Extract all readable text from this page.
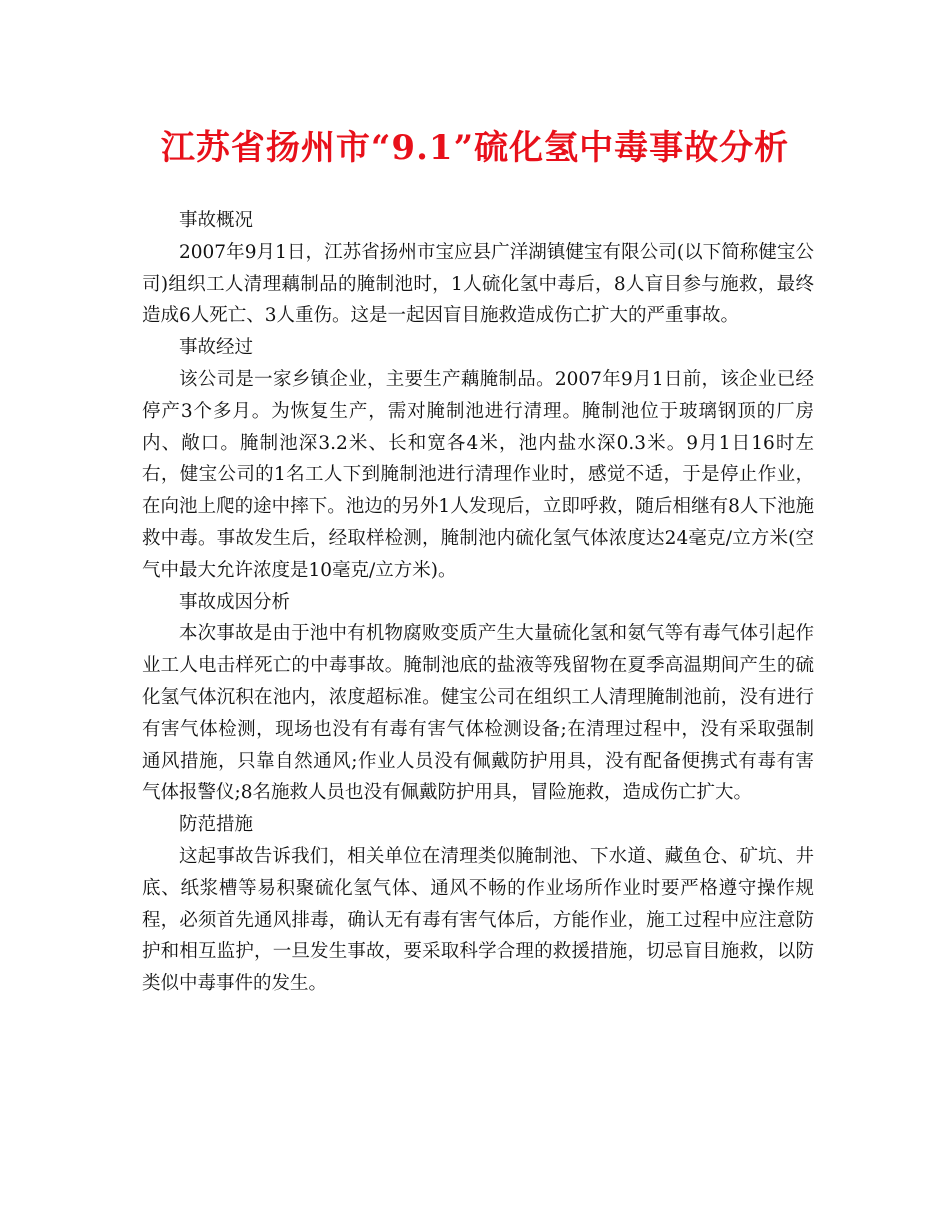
江苏省扬州市“9.1”硫化氢中毒事故分析

事故概况

2007年9月1日，江苏省扬州市宝应县广洋湖镇健宝有限公司(以下简称健宝公司)组织工人清理藕制品的腌制池时，1人硫化氢中毒后，8人盲目参与施救，最终造成6人死亡、3人重伤。这是一起因盲目施救造成伤亡扩大的严重事故。

事故经过

该公司是一家乡镇企业，主要生产藕腌制品。2007年9月1日前，该企业已经停产3个多月。为恢复生产，需对腌制池进行清理。腌制池位于玻璃钢顶的厂房内、敞口。腌制池深3.2米、长和宽各4米，池内盐水深0.3米。9月1日16时左右，健宝公司的1名工人下到腌制池进行清理作业时，感觉不适，于是停止作业，在向池上爬的途中摔下。池边的另外1人发现后，立即呼救，随后相继有8人下池施救中毒。事故发生后，经取样检测，腌制池内硫化氢气体浓度达24毫克/立方米(空气中最大允许浓度是10毫克/立方米)。

事故成因分析

本次事故是由于池中有机物腐败变质产生大量硫化氢和氨气等有毒气体引起作业工人电击样死亡的中毒事故。腌制池底的盐液等残留物在夏季高温期间产生的硫化氢气体沉积在池内，浓度超标准。健宝公司在组织工人清理腌制池前，没有进行有害气体检测，现场也没有有毒有害气体检测设备;在清理过程中，没有采取强制通风措施，只靠自然通风;作业人员没有佩戴防护用具，没有配备便携式有毒有害气体报警仪;8名施救人员也没有佩戴防护用具，冒险施救，造成伤亡扩大。

防范措施

这起事故告诉我们，相关单位在清理类似腌制池、下水道、藏鱼仓、矿坑、井底、纸浆槽等易积聚硫化氢气体、通风不畅的作业场所作业时要严格遵守操作规程，必须首先通风排毒，确认无有毒有害气体后，方能作业，施工过程中应注意防护和相互监护，一旦发生事故，要采取科学合理的救援措施，切忌盲目施救，以防类似中毒事件的发生。
